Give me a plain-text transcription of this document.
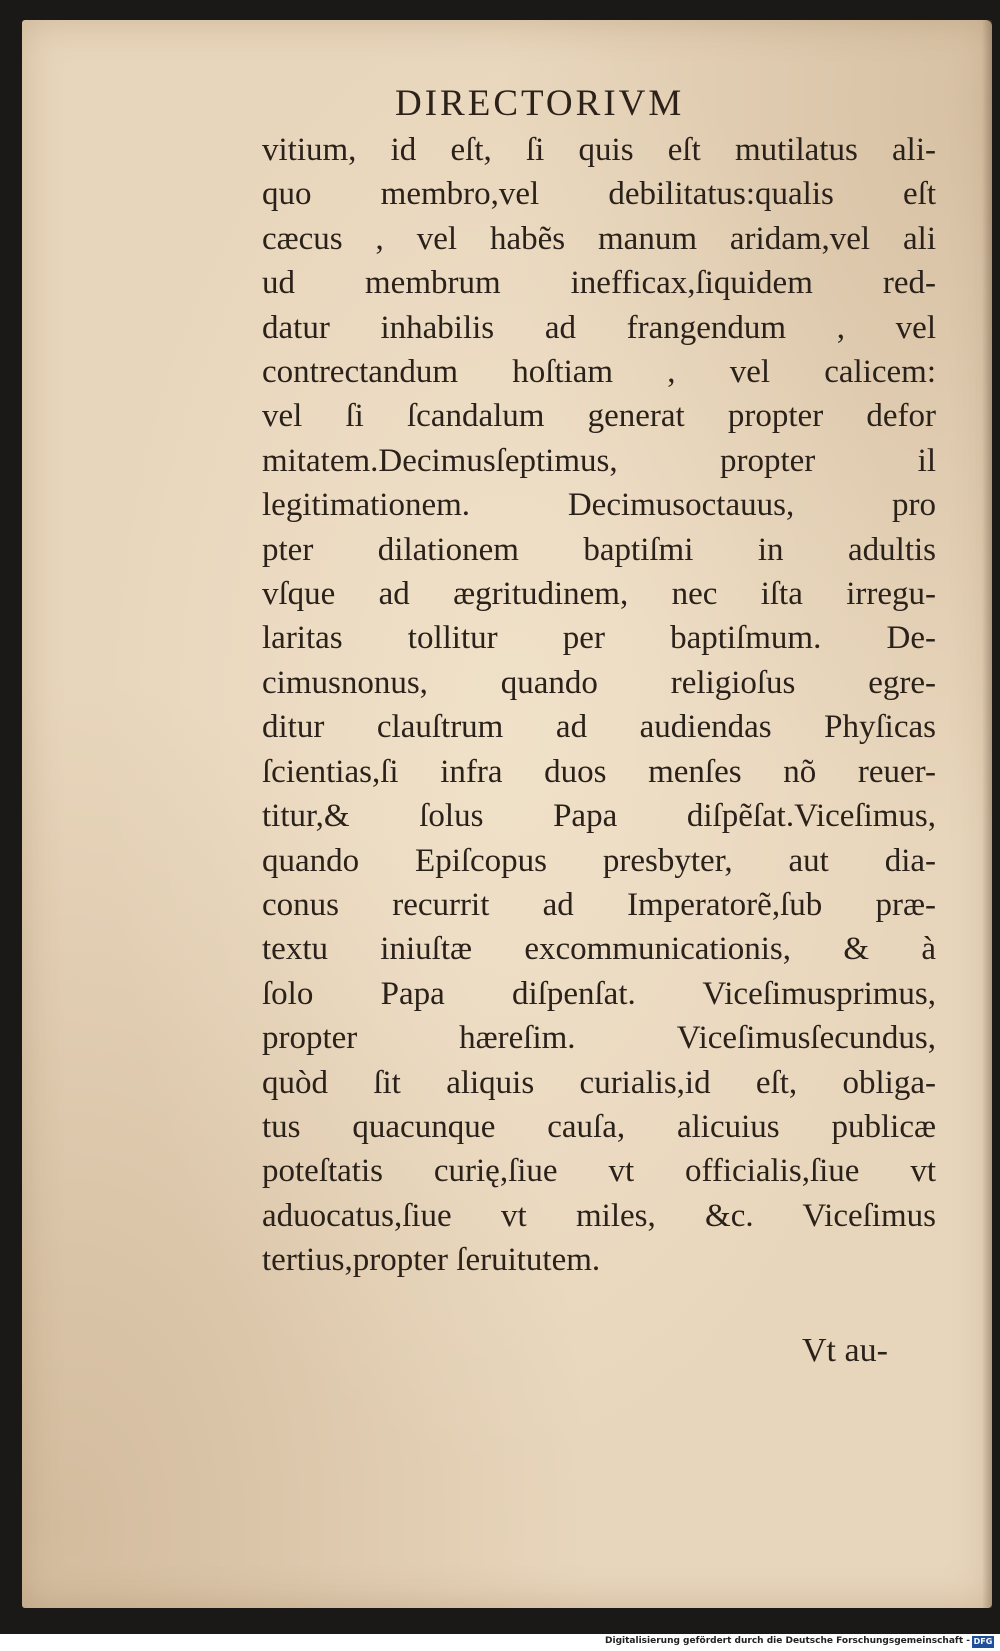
DIRECTORIVM
vitium, id eſt, ſi quis eſt mutilatus ali-
quo membro,vel debilitatus:qualis eſt
cæcus , vel habẽs manum aridam,vel ali
ud membrum inefficax,ſiquidem red-
datur inhabilis ad frangendum , vel
contrectandum hoſtiam , vel calicem:
vel ſi ſcandalum generat propter defor
mitatem.Decimusſeptimus, propter il
legitimationem. Decimusoctauus, pro
pter dilationem baptiſmi in adultis
vſque ad ægritudinem, nec iſta irregu-
laritas tollitur per baptiſmum. De-
cimusnonus, quando religioſus egre-
ditur clauſtrum ad audiendas Phyſicas
ſcientias,ſi infra duos menſes nõ reuer-
titur,& ſolus Papa diſpẽſat.Viceſimus,
quando Epiſcopus presbyter, aut dia-
conus recurrit ad Imperatorẽ,ſub præ-
textu iniuſtæ excommunicationis, & à
ſolo Papa diſpenſat. Viceſimusprimus,
propter hæreſim. Viceſimusſecundus,
quòd ſit aliquis curialis,id eſt, obliga-
tus quacunque cauſa, alicuius publicæ
poteſtatis curię,ſiue vt officialis,ſiue vt
aduocatus,ſiue vt miles, &c. Viceſimus
tertius,propter ſeruitutem.
Vt au-
Digitalisierung gefördert durch die Deutsche Forschungsgemeinschaft - DFG
